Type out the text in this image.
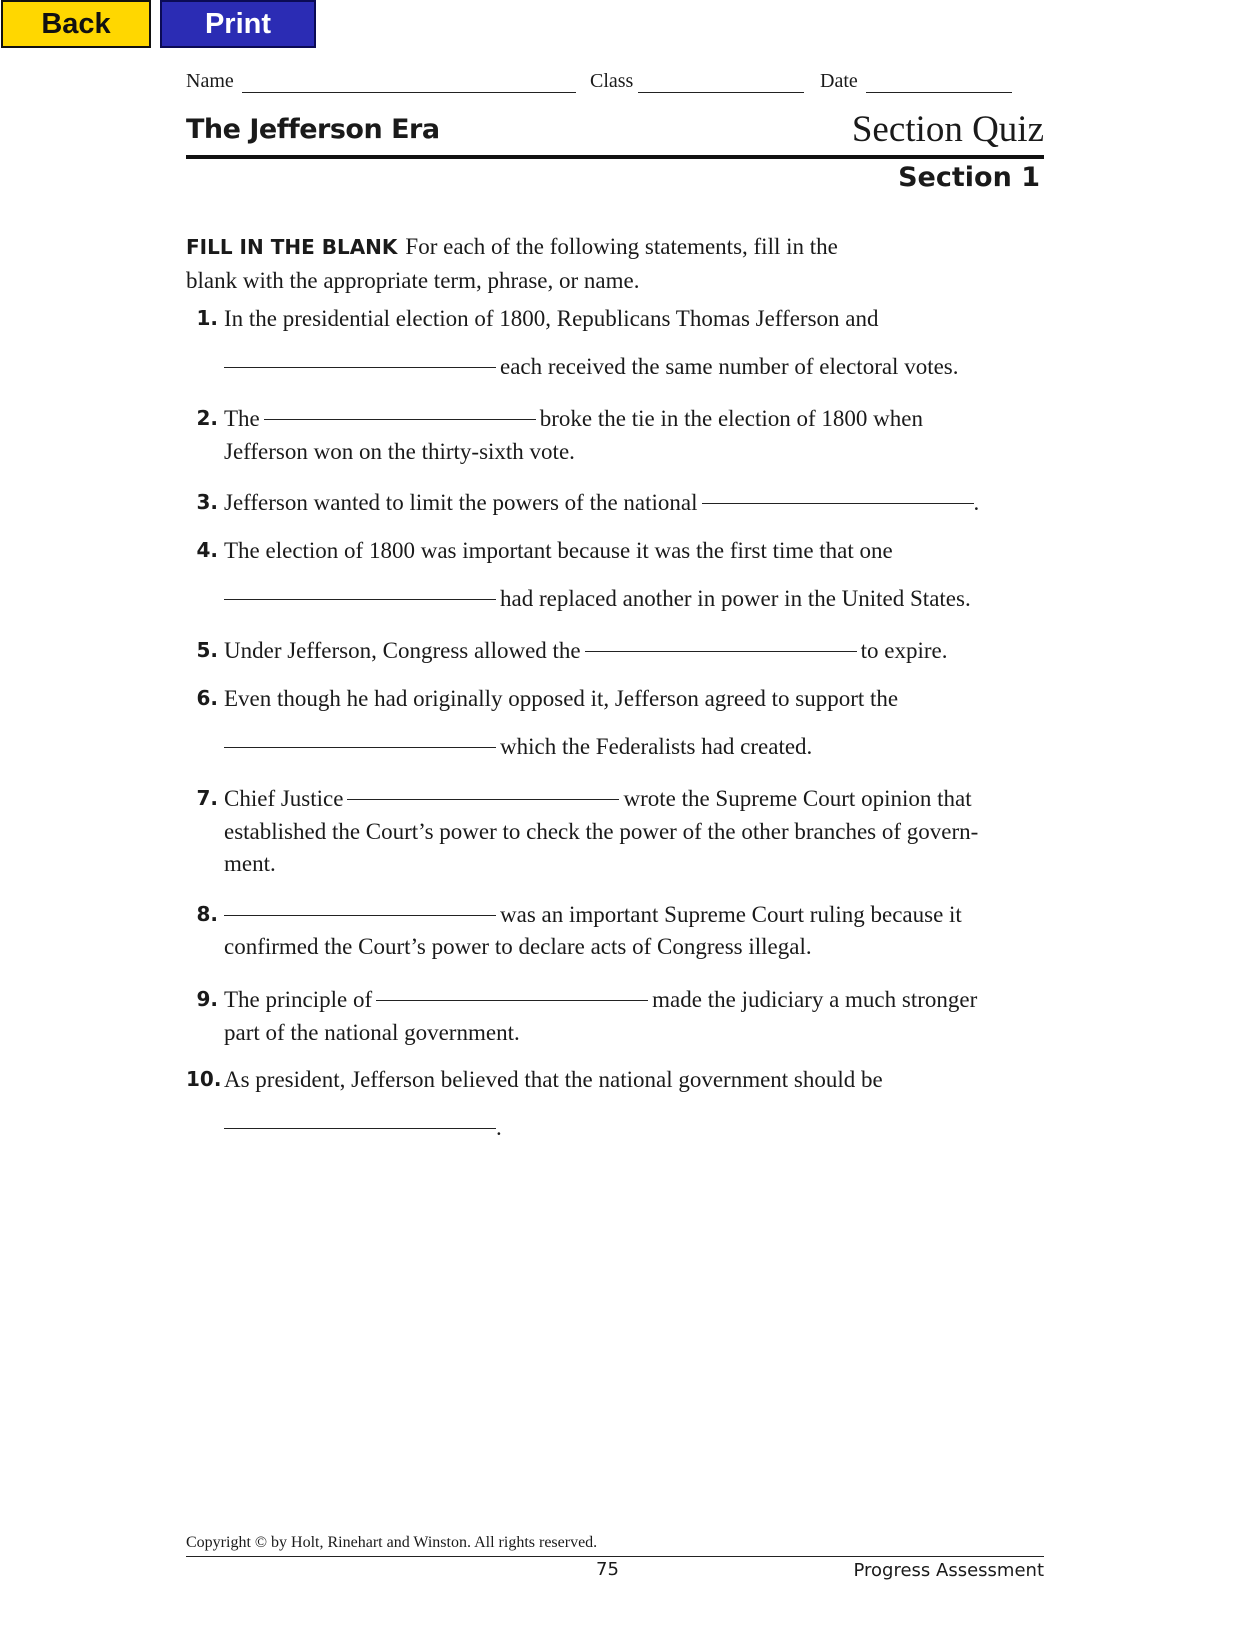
Back	Print
Name	Class	Date
The Jefferson Era	Section Quiz
Section 1
FILL IN THE BLANK For each of the following statements, fill in the
blank with the appropriate term, phrase, or name.
1. In the presidential election of 1800, Republicans Thomas Jefferson and
each received the same number of electoral votes.
2. The	broke the tie in the election of 1800 when
Jefferson won on the thirty-sixth vote.
3. Jefferson wanted to limit the powers of the national	.
4. The election of 1800 was important because it was the first time that one
had replaced another in power in the United States.
5. Under Jefferson, Congress allowed the	to expire.
6. Even though he had originally opposed it, Jefferson agreed to support the
which the Federalists had created.
7. Chief Justice	wrote the Supreme Court opinion that
established the Court’s power to check the power of the other branches of govern-
ment.
8.	was an important Supreme Court ruling because it
confirmed the Court’s power to declare acts of Congress illegal.
9. The principle of	made the judiciary a much stronger
part of the national government.
10. As president, Jefferson believed that the national government should be
.
Copyright © by Holt, Rinehart and Winston. All rights reserved.
75	Progress Assessment
